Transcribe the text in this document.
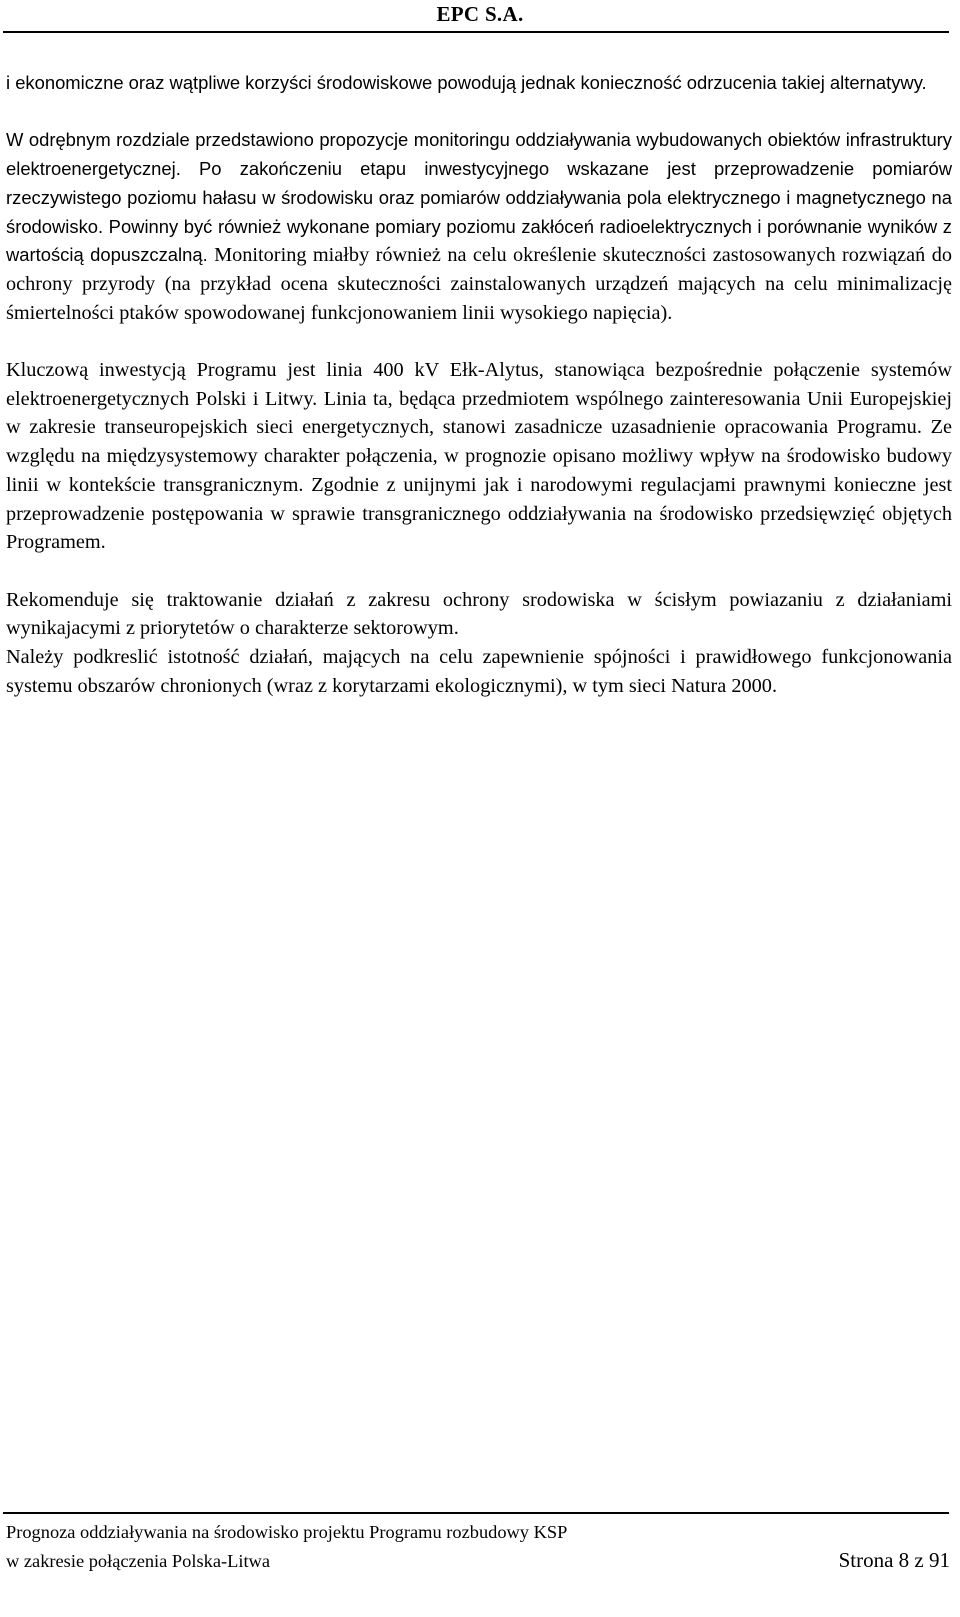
EPC S.A.

i ekonomiczne oraz wątpliwe korzyści środowiskowe powodują jednak konieczność odrzucenia takiej alternatywy.

W odrębnym rozdziale przedstawiono propozycje monitoringu oddziaływania wybudowanych obiektów infrastruktury elektroenergetycznej. Po zakończeniu etapu inwestycyjnego wskazane jest przeprowadzenie pomiarów rzeczywistego poziomu hałasu w środowisku oraz pomiarów oddziaływania pola elektrycznego i magnetycznego na środowisko. Powinny być również wykonane pomiary poziomu zakłóceń radioelektrycznych i porównanie wyników z wartością dopuszczalną. Monitoring miałby również na celu określenie skuteczności zastosowanych rozwiązań do ochrony przyrody (na przykład ocena skuteczności zainstalowanych urządzeń mających na celu minimalizację śmiertelności ptaków spowodowanej funkcjonowaniem linii wysokiego napięcia).

Kluczową inwestycją Programu jest linia 400 kV Ełk-Alytus, stanowiąca bezpośrednie połączenie systemów elektroenergetycznych Polski i Litwy. Linia ta, będąca przedmiotem wspólnego zainteresowania Unii Europejskiej w zakresie transeuropejskich sieci energetycznych, stanowi zasadnicze uzasadnienie opracowania Programu. Ze względu na międzysystemowy charakter połączenia, w prognozie opisano możliwy wpływ na środowisko budowy linii w kontekście transgranicznym. Zgodnie z unijnymi jak i narodowymi regulacjami prawnymi konieczne jest przeprowadzenie postępowania w sprawie transgranicznego oddziaływania na środowisko przedsięwzięć objętych Programem.

Rekomenduje się traktowanie działań z zakresu ochrony srodowiska w ścisłym powiazaniu z działaniami wynikajacymi z priorytetów o charakterze sektorowym.

Należy podkreslić istotność działań, mających na celu zapewnienie spójności i prawidłowego funkcjonowania systemu obszarów chronionych (wraz z korytarzami ekologicznymi), w tym sieci Natura 2000.

Prognoza oddziaływania na środowisko projektu Programu rozbudowy KSP
w zakresie połączenia Polska-Litwa	Strona 8 z 91
